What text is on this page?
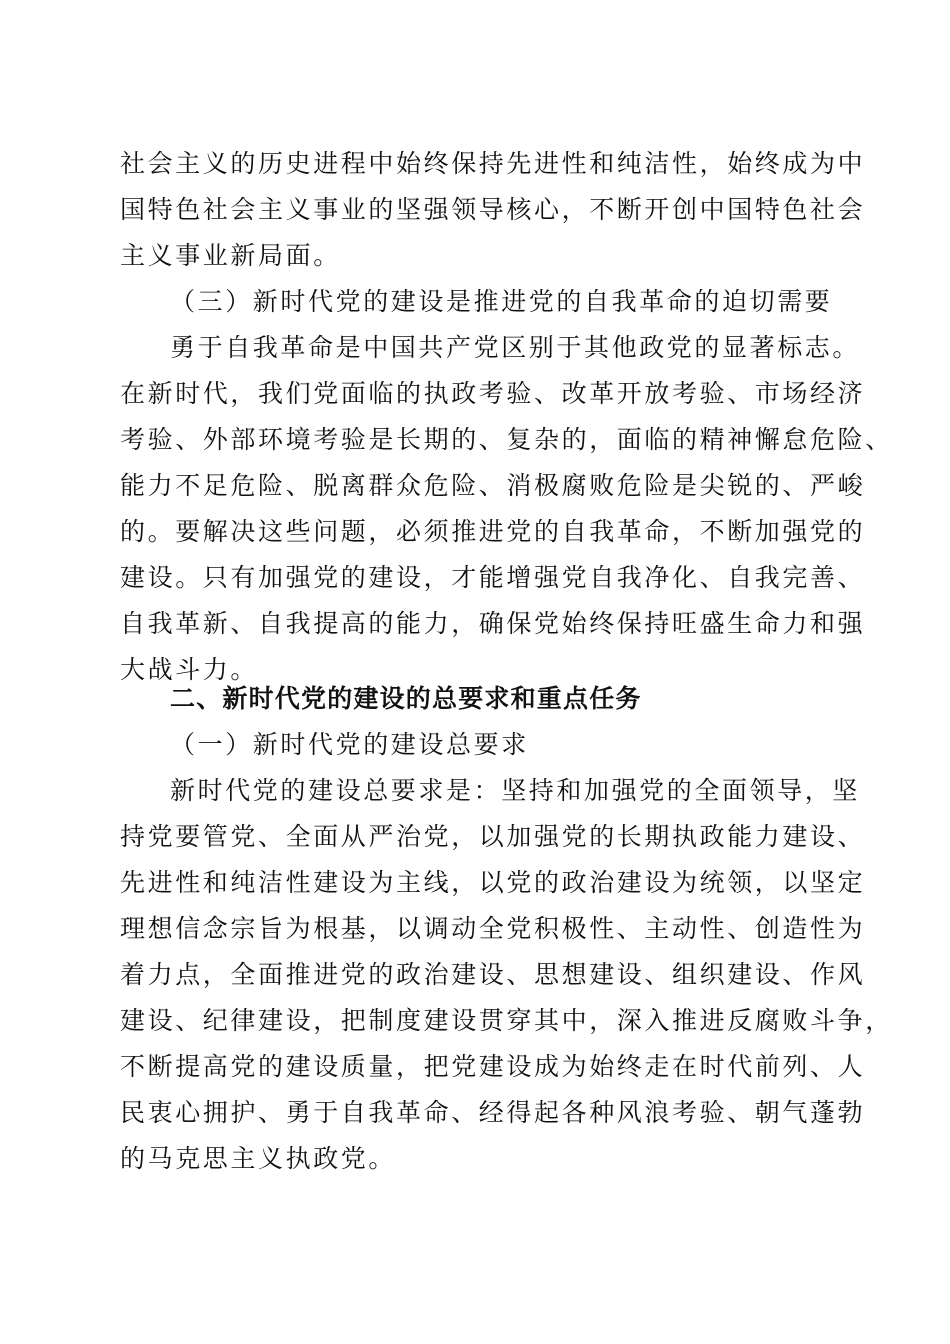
社会主义的历史进程中始终保持先进性和纯洁性，始终成为中
国特色社会主义事业的坚强领导核心，不断开创中国特色社会
主义事业新局面。
（三）新时代党的建设是推进党的自我革命的迫切需要
勇于自我革命是中国共产党区别于其他政党的显著标志。
在新时代，我们党面临的执政考验、改革开放考验、市场经济
考验、外部环境考验是长期的、复杂的，面临的精神懈怠危险、
能力不足危险、脱离群众危险、消极腐败危险是尖锐的、严峻
的。要解决这些问题，必须推进党的自我革命，不断加强党的
建设。只有加强党的建设，才能增强党自我净化、自我完善、
自我革新、自我提高的能力，确保党始终保持旺盛生命力和强
大战斗力。
二、新时代党的建设的总要求和重点任务
（一）新时代党的建设总要求
新时代党的建设总要求是：坚持和加强党的全面领导，坚
持党要管党、全面从严治党，以加强党的长期执政能力建设、
先进性和纯洁性建设为主线，以党的政治建设为统领，以坚定
理想信念宗旨为根基，以调动全党积极性、主动性、创造性为
着力点，全面推进党的政治建设、思想建设、组织建设、作风
建设、纪律建设，把制度建设贯穿其中，深入推进反腐败斗争，
不断提高党的建设质量，把党建设成为始终走在时代前列、人
民衷心拥护、勇于自我革命、经得起各种风浪考验、朝气蓬勃
的马克思主义执政党。
